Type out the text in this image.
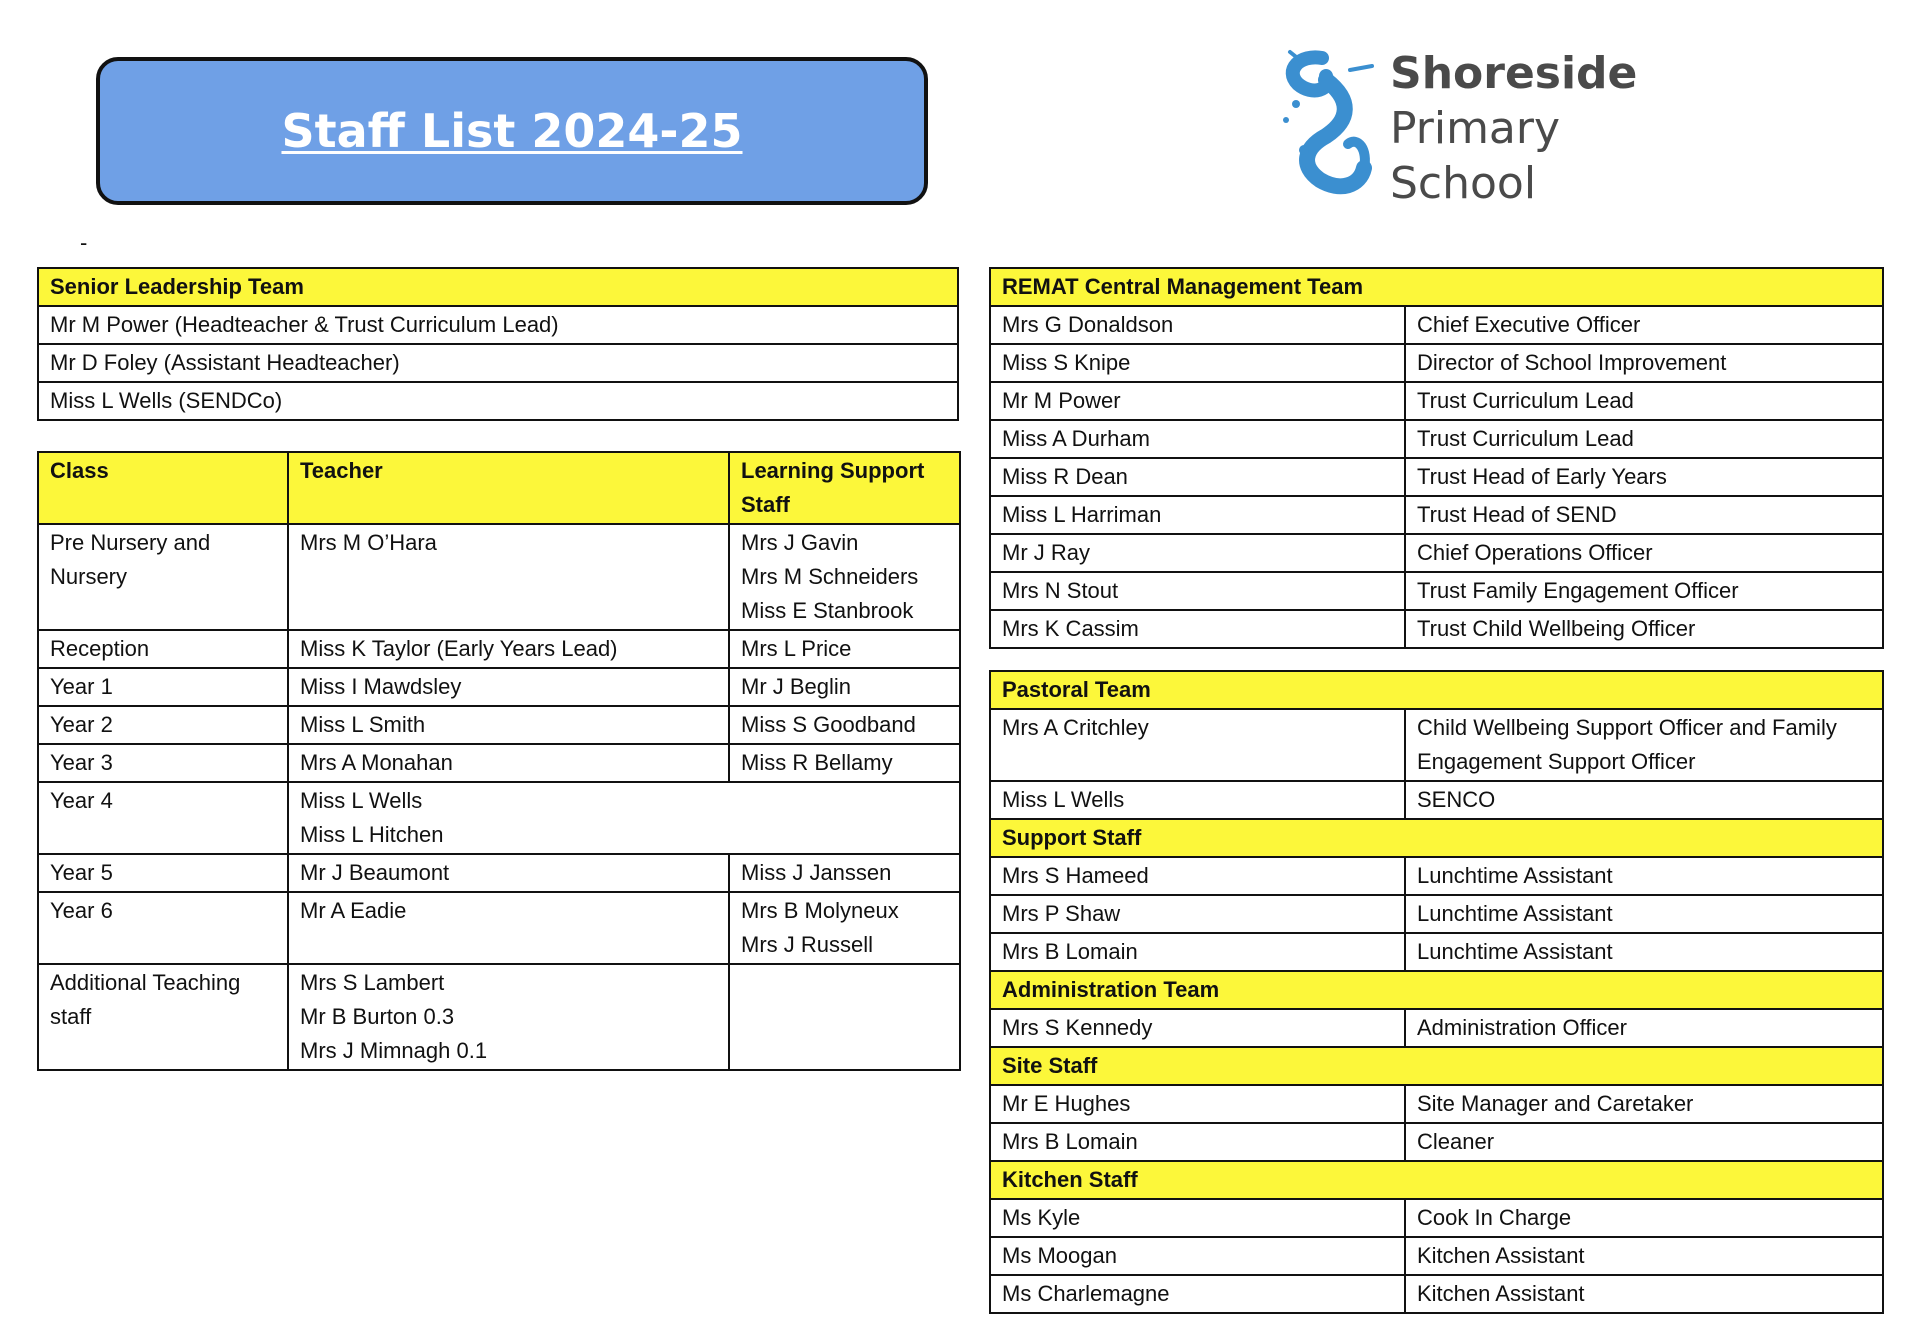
Staff List 2024-25
Shoreside
Primary
School
-
Senior Leadership Team
Mr M Power (Headteacher & Trust Curriculum Lead)
Mr D Foley (Assistant Headteacher)
Miss L Wells (SENDCo)
Class	Teacher	Learning Support
Staff

Pre Nursery and
Nursery	Mrs M O’Hara	Mrs J Gavin
Mrs M Schneiders
Miss E Stanbrook

Reception	Miss K Taylor (Early Years Lead)	Mrs L Price

Year 1	Miss I Mawdsley	Mr J Beglin

Year 2	Miss L Smith	Miss S Goodband

Year 3	Mrs A Monahan	Miss R Bellamy

Year 4	Miss L Wells
Miss L Hitchen	

Year 5	Mr J Beaumont	Miss J Janssen

Year 6	Mr A Eadie	Mrs B Molyneux
Mrs J Russell

Additional Teaching
staff	Mrs S Lambert
Mr B Burton 0.3
Mrs J Mimnagh 0.1	

REMAT Central Management Team	
Mrs G Donaldson	Chief Executive Officer
Miss S Knipe	Director of School Improvement
Mr M Power	Trust Curriculum Lead
Miss A Durham	Trust Curriculum Lead
Miss R Dean	Trust Head of Early Years
Miss L Harriman	Trust Head of SEND
Mr J Ray	Chief Operations Officer
Mrs N Stout	Trust Family Engagement Officer
Mrs K Cassim	Trust Child Wellbeing Officer
Pastoral Team	
Mrs A Critchley	Child Wellbeing Support Officer and Family
Engagement Support Officer

Miss L Wells	SENCO

Support Staff	
Mrs S Hameed	Lunchtime Assistant

Mrs P Shaw	Lunchtime Assistant

Mrs B Lomain	Lunchtime Assistant

Administration Team	
Mrs S Kennedy	Administration Officer

Site Staff	
Mr E Hughes	Site Manager and Caretaker

Mrs B Lomain	Cleaner

Kitchen Staff	
Ms Kyle	Cook In Charge

Ms Moogan	Kitchen Assistant

Ms Charlemagne	Kitchen Assistant
